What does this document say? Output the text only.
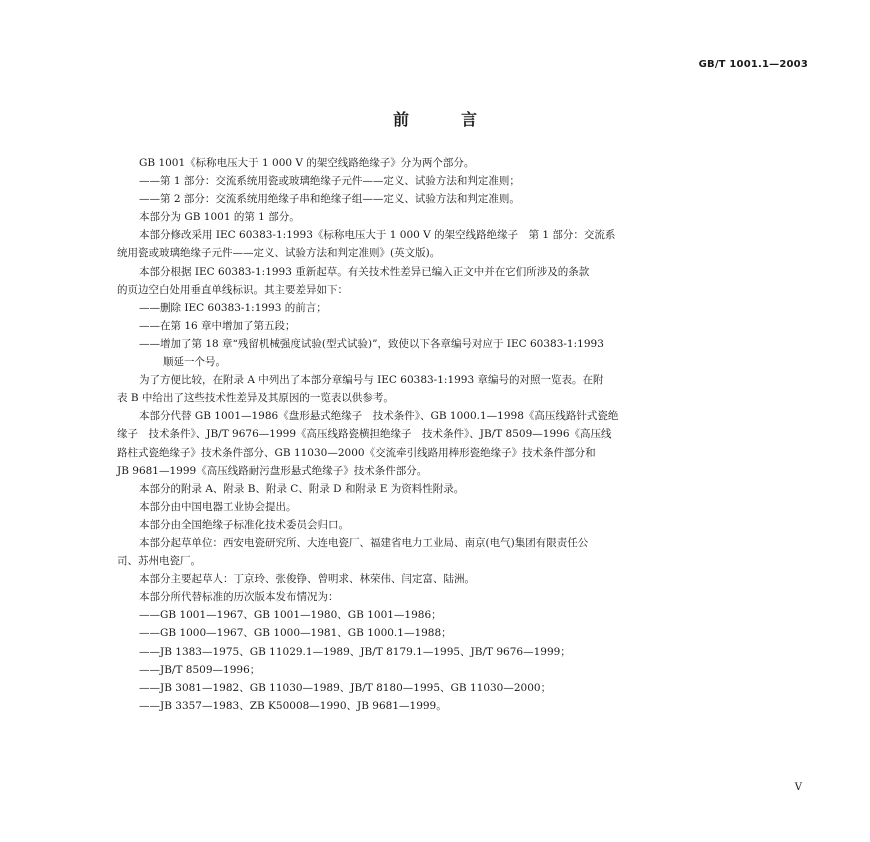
GB/T 1001.1—2003
前言

GB 1001《标称电压大于 1 000 V 的架空线路绝缘子》分为两个部分。

——第 1 部分：交流系统用瓷或玻璃绝缘子元件——定义、试验方法和判定准则；

——第 2 部分：交流系统用绝缘子串和绝缘子组——定义、试验方法和判定准则。

本部分为 GB 1001 的第 1 部分。

本部分修改采用 IEC 60383-1:1993《标称电压大于 1 000 V 的架空线路绝缘子　第 1 部分：交流系

统用瓷或玻璃绝缘子元件——定义、试验方法和判定准则》(英文版)。

本部分根据 IEC 60383-1:1993 重新起草。有关技术性差异已编入正文中并在它们所涉及的条款

的页边空白处用垂直单线标识。其主要差异如下：

——删除 IEC 60383-1:1993 的前言；

——在第 16 章中增加了第五段；

——增加了第 18 章“残留机械强度试验(型式试验)”，致使以下各章编号对应于 IEC 60383-1:1993

顺延一个号。

为了方便比较，在附录 A 中列出了本部分章编号与 IEC 60383-1:1993 章编号的对照一览表。在附

表 B 中给出了这些技术性差异及其原因的一览表以供参考。

本部分代替 GB 1001—1986《盘形悬式绝缘子　技术条件》、GB 1000.1—1998《高压线路针式瓷绝

缘子　技术条件》、JB/T 9676—1999《高压线路瓷横担绝缘子　技术条件》、JB/T 8509—1996《高压线

路柱式瓷绝缘子》技术条件部分、GB 11030—2000《交流牵引线路用棒形瓷绝缘子》技术条件部分和

JB 9681—1999《高压线路耐污盘形悬式绝缘子》技术条件部分。

本部分的附录 A、附录 B、附录 C、附录 D 和附录 E 为资料性附录。

本部分由中国电器工业协会提出。

本部分由全国绝缘子标准化技术委员会归口。

本部分起草单位：西安电瓷研究所、大连电瓷厂、福建省电力工业局、南京(电气)集团有限责任公

司、苏州电瓷厂。

本部分主要起草人：丁京玲、张俊铮、曾明求、林荣伟、闫定富、陆洲。

本部分所代替标准的历次版本发布情况为：

——GB 1001—1967、GB 1001—1980、GB 1001—1986；

——GB 1000—1967、GB 1000—1981、GB 1000.1—1988；

——JB 1383—1975、GB 11029.1—1989、JB/T 8179.1—1995、JB/T 9676—1999；

——JB/T 8509—1996；

——JB 3081—1982、GB 11030—1989、JB/T 8180—1995、GB 11030—2000；

——JB 3357—1983、ZB K50008—1990、JB 9681—1999。

V
